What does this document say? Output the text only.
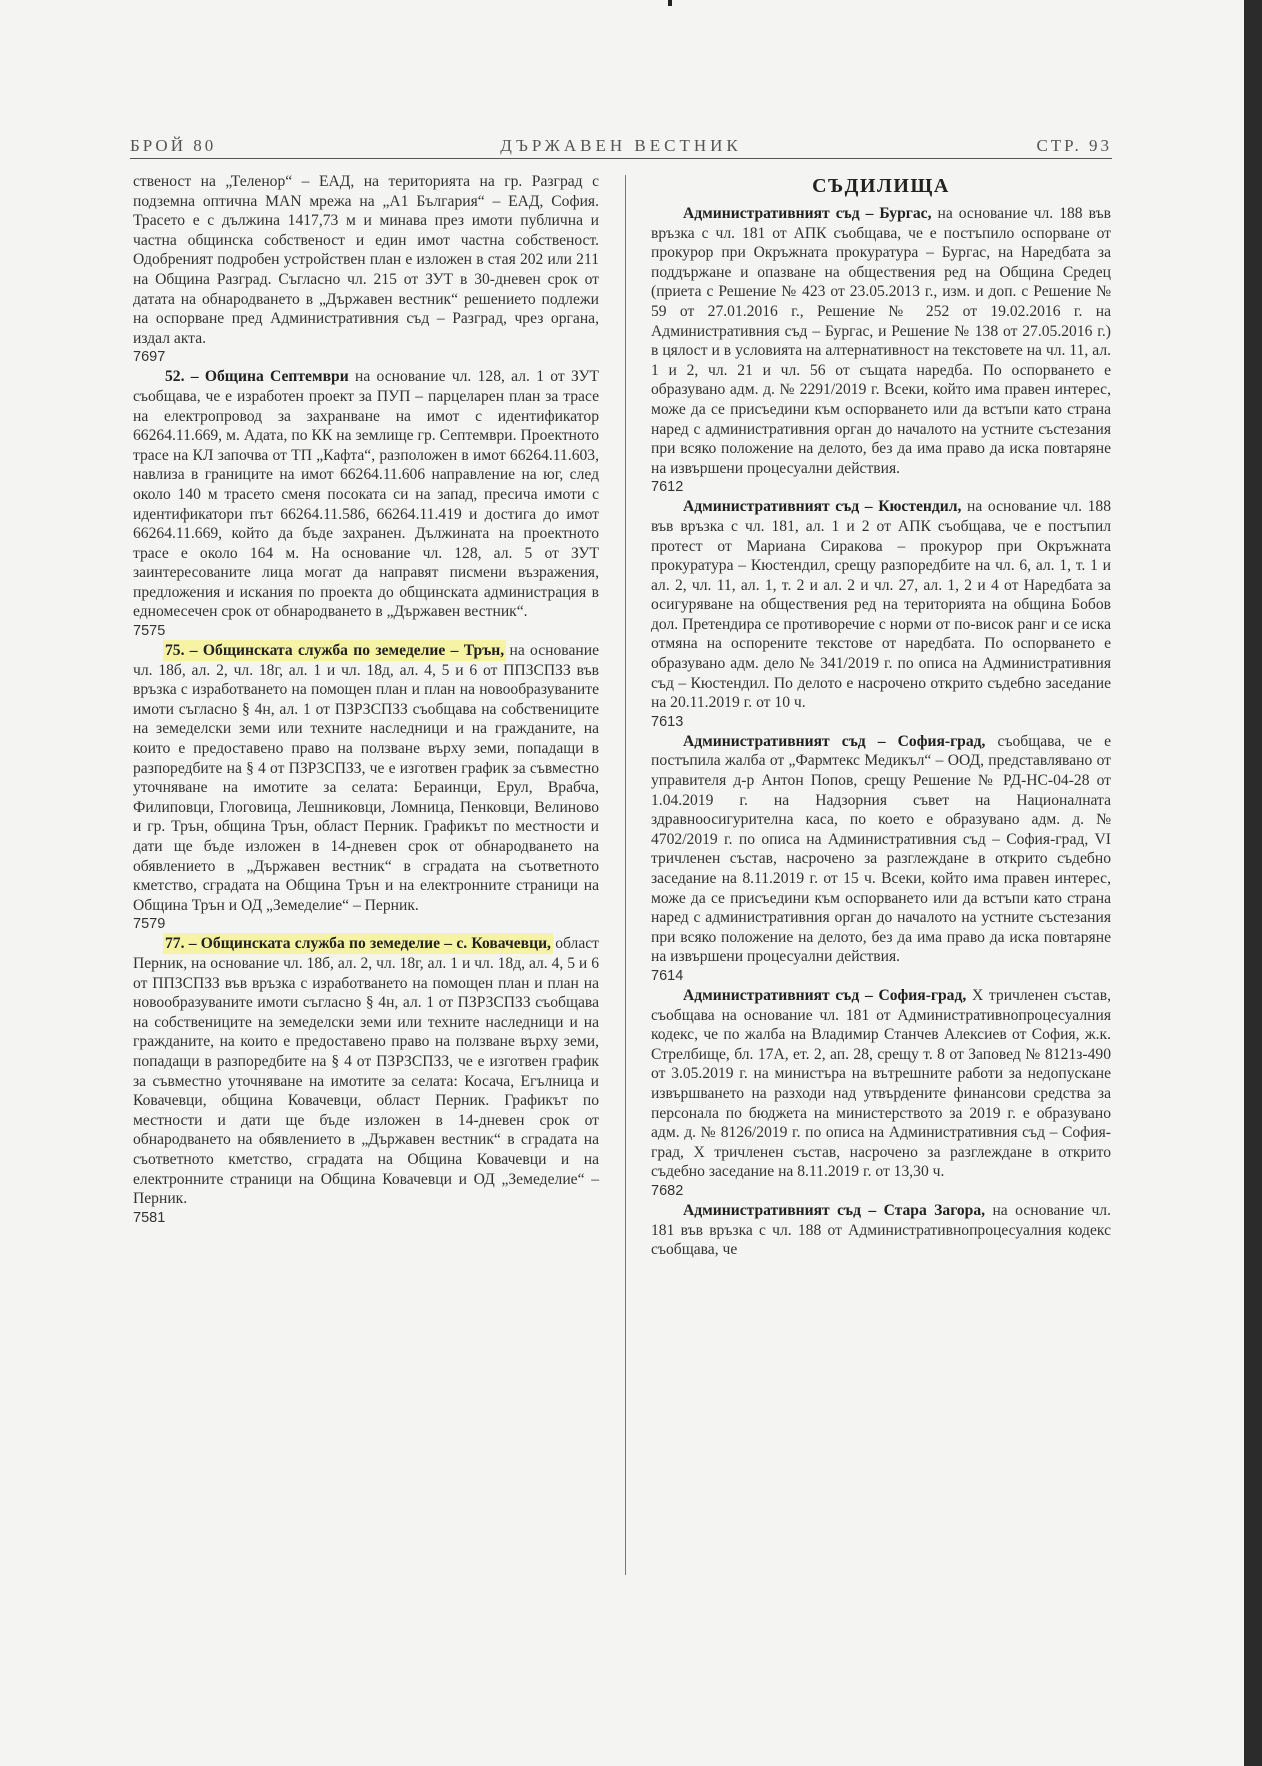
БРОЙ 80	ДЪРЖАВЕН ВЕСТНИК	СТР. 93

ственост на „Теленор“ – ЕАД, на територията на гр. Разград с подземна оптична MAN мрежа на „А1 България“ – ЕАД, София. Трасето е с дължина 1417,73 м и минава през имоти публична и частна общинска собственост и един имот частна собственост. Одобреният подробен устройствен план е изложен в стая 202 или 211 на Община Разград. Съгласно чл. 215 от ЗУТ в 30-дневен срок от датата на обнародването в „Държавен вестник“ решението подлежи на оспорване пред Административния съд – Разград, чрез органа, издал акта.

7697

52. – Община Септември на основание чл. 128, ал. 1 от ЗУТ съобщава, че е изработен проект за ПУП – парцеларен план за трасе на електропровод за захранване на имот с идентификатор 66264.11.669, м. Адата, по КК на землище гр. Септември. Проектното трасе на КЛ започва от ТП „Кафта“, разположен в имот 66264.11.603, навлиза в границите на имот 66264.11.606 направление на юг, след около 140 м трасето сменя посоката си на запад, пресича имоти с идентификатори път 66264.11.586, 66264.11.419 и достига до имот 66264.11.669, който да бъде захранен. Дължината на проектното трасе е около 164 м. На основание чл. 128, ал. 5 от ЗУТ заинтересованите лица могат да направят писмени възражения, предложения и искания по проекта до общинската администрация в едномесечен срок от обнародването в „Държавен вестник“.

7575

75. – Общинската служба по земеделие – Трън, на основание чл. 18б, ал. 2, чл. 18г, ал. 1 и чл. 18д, ал. 4, 5 и 6 от ППЗСПЗЗ във връзка с изработването на помощен план и план на новообразуваните имоти съгласно § 4н, ал. 1 от ПЗРЗСПЗЗ съобщава на собствениците на земеделски земи или техните наследници и на гражданите, на които е предоставено право на ползване върху земи, попадащи в разпоредбите на § 4 от ПЗРЗСПЗЗ, че е изготвен график за съвместно уточняване на имотите за селата: Бераинци, Ерул, Врабча, Филиповци, Глоговица, Лешниковци, Ломница, Пенковци, Велиново и гр. Трън, община Трън, област Перник. Графикът по местности и дати ще бъде изложен в 14-дневен срок от обнародването на обявлението в „Държавен вестник“ в сградата на съответното кметство, сградата на Община Трън и на електронните страници на Община Трън и ОД „Земеделие“ – Перник.

7579

77. – Общинската служба по земеделие – с. Ковачевци, област Перник, на основание чл. 18б, ал. 2, чл. 18г, ал. 1 и чл. 18д, ал. 4, 5 и 6 от ППЗСПЗЗ във връзка с изработването на помощен план и план на новообразуваните имоти съгласно § 4н, ал. 1 от ПЗРЗСПЗЗ съобщава на собствениците на земеделски земи или техните наследници и на гражданите, на които е предоставено право на ползване върху земи, попадащи в разпоредбите на § 4 от ПЗРЗСПЗЗ, че е изготвен график за съвместно уточняване на имотите за селата: Косача, Егълница и Ковачевци, община Ковачевци, област Перник. Графикът по местности и дати ще бъде изложен в 14-дневен срок от обнародването на обявлението в „Държавен вестник“ в сградата на съответното кметство, сградата на Община Ковачевци и на електронните страници на Община Ковачевци и ОД „Земеделие“ – Перник.

7581

СЪДИЛИЩА

Административният съд – Бургас, на основание чл. 188 във връзка с чл. 181 от АПК съобщава, че е постъпило оспорване от прокурор при Окръжната прокуратура – Бургас, на Наредбата за поддържане и опазване на обществения ред на Община Средец (приета с Решение № 423 от 23.05.2013 г., изм. и доп. с Решение № 59 от 27.01.2016 г., Решение № 252 от 19.02.2016 г. на Административния съд – Бургас, и Решение № 138 от 27.05.2016 г.) в цялост и в условията на алтернативност на текстовете на чл. 11, ал. 1 и 2, чл. 21 и чл. 56 от същата наредба. По оспорването е образувано адм. д. № 2291/2019 г. Всеки, който има правен интерес, може да се присъедини към оспорването или да встъпи като страна наред с административния орган до началото на устните състезания при всяко положение на делото, без да има право да иска повтаряне на извършени процесуални действия.

7612

Административният съд – Кюстендил, на основание чл. 188 във връзка с чл. 181, ал. 1 и 2 от АПК съобщава, че е постъпил протест от Мариана Сиракова – прокурор при Окръжната прокуратура – Кюстендил, срещу разпоредбите на чл. 6, ал. 1, т. 1 и ал. 2, чл. 11, ал. 1, т. 2 и ал. 2 и чл. 27, ал. 1, 2 и 4 от Наредбата за осигуряване на обществения ред на територията на община Бобов дол. Претендира се противоречие с норми от по-висок ранг и се иска отмяна на оспорените текстове от наредбата. По оспорването е образувано адм. дело № 341/2019 г. по описа на Административния съд – Кюстендил. По делото е насрочено открито съдебно заседание на 20.11.2019 г. от 10 ч.

7613

Административният съд – София-град, съобщава, че е постъпила жалба от „Фармтекс Медикъл“ – ООД, представлявано от управителя д-р Антон Попов, срещу Решение № РД-НС-04-28 от 1.04.2019 г. на Надзорния съвет на Националната здравноосигурителна каса, по което е образувано адм. д. № 4702/2019 г. по описа на Административния съд – София-град, VI тричленен състав, насрочено за разглеждане в открито съдебно заседание на 8.11.2019 г. от 15 ч. Всеки, който има правен интерес, може да се присъедини към оспорването или да встъпи като страна наред с административния орган до началото на устните състезания при всяко положение на делото, без да има право да иска повтаряне на извършени процесуални действия.

7614

Административният съд – София-град, X тричленен състав, съобщава на основание чл. 181 от Административнопроцесуалния кодекс, че по жалба на Владимир Станчев Алексиев от София, ж.к. Стрелбище, бл. 17А, ет. 2, ап. 28, срещу т. 8 от Заповед № 8121з-490 от 3.05.2019 г. на министъра на вътрешните работи за недопускане извършването на разходи над утвърдените финансови средства за персонала по бюджета на министерството за 2019 г. е образувано адм. д. № 8126/2019 г. по описа на Административния съд – София-град, X тричленен състав, насрочено за разглеждане в открито съдебно заседание на 8.11.2019 г. от 13,30 ч.

7682

Административният съд – Стара Загора, на основание чл. 181 във връзка с чл. 188 от Административнопроцесуалния кодекс съобщава, че
